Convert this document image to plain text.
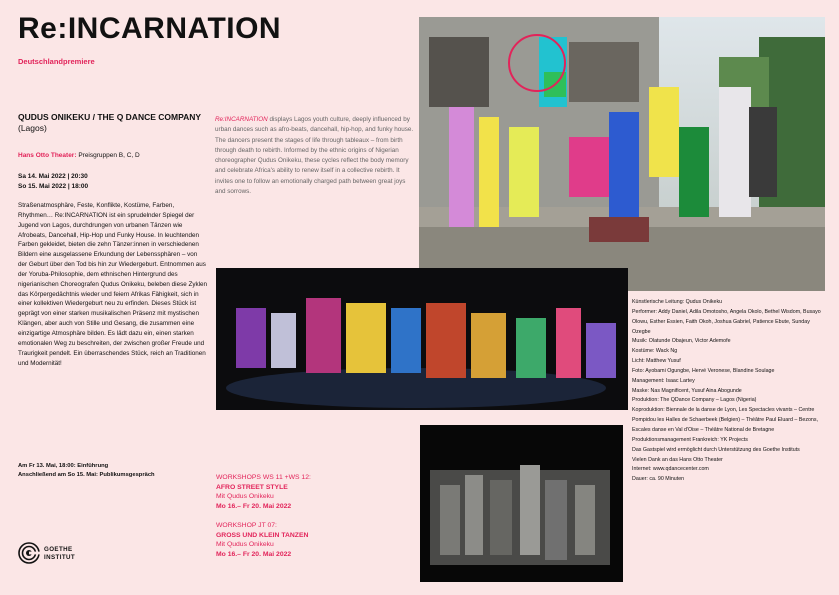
Re:INCARNATION
Deutschlandpremiere
QUDUS ONIKEKU / THE Q DANCE COMPANY (Lagos)
Hans Otto Theater: Preisgruppen B, C, D
Sa 14. Mai 2022 | 20:30
So 15. Mai 2022 | 18:00
Straßenatmosphäre, Feste, Konflikte, Kostüme, Farben, Rhythmen… Re:INCARNATION ist ein sprudelnder Spiegel der Jugend von Lagos, durchdrungen von urbanen Tänzen wie Afrobeats, Dancehall, Hip-Hop und Funky House. In leuchtenden Farben gekleidet, bieten die zehn Tänzer:innen in verschiedenen Bildern eine ausgelassene Erkundung der Lebenssphären – von der Geburt über den Tod bis hin zur Wiedergeburt. Entnommen aus der Yoruba-Philosophie, dem ethnischen Hintergrund des nigerianischen Choreografen Qudus Onikeku, beleben diese Zyklen das Körpergedächtnis wieder und feiern Afrikas Fähigkeit, sich in einer kollektiven Wiedergeburt neu zu erfinden. Dieses Stück ist geprägt von einer starken musikalischen Präsenz mit mystischen Klängen, aber auch von Stille und Gesang, die zusammen eine einzigartige Atmosphäre bilden. Es lädt dazu ein, einen starken emotionalen Weg zu beschreiten, der zwischen großer Freude und Traurigkeit pendelt. Ein überraschendes Stück, reich an Traditionen und Modernität!
Am Fr 13. Mai, 18:00: Einführung
Anschließend am So 15. Mai: Publikumsgespräch
Re:INCARNATION displays Lagos youth culture, deeply influenced by urban dances such as afro-beats, dancehall, hip-hop, and funky house. The dancers present the stages of life through tableaux – from birth through death to rebirth. Informed by the ethnic origins of Nigerian choreographer Qudus Onikeku, these cycles reflect the body memory and celebrate Africa's ability to renew itself in a collective rebirth. It invites one to follow an emotionally charged path between great joys and sorrows.
WORKSHOPS WS 11 +WS 12:
AFRO STREET STYLE
Mit Qudus Onikeku
Mo 16.– Fr 20. Mai 2022
WORKSHOP JT 07:
GROSS UND KLEIN TANZEN
Mit Qudus Onikeku
Mo 16.– Fr 20. Mai 2022
Künstlerische Leitung: Qudus Onikeku
Performer: Addy Daniel, Adila Omotosho, Angela Okolo, Bethel Wisdom, Busayo Olowu, Esther Essien, Faith Okoh, Joshua Gabriel, Patience Ebute, Sunday Ozegbe
Musik: Olatunde Obajeun, Victor Ademofe
Kostüme: Wack Ng
Licht: Matthew Yusuf
Foto: Ayobami Ogungbe, Hervé Veronese, Blandine Soulage
Management: Isaac Lartey
Maske: Nas Magnificent, Yusuf Aina Abogunde
Produktion: The QDance Company – Lagos (Nigeria)
Koproduktion: Biennale de la danse de Lyon, Les Spectacles vivants – Centre Pompidou les Halles de Schaerbeek (Belgien) – Théâtre Paul Eluard – Bezons, Escales danse en Val d'Oise – Théâtre National de Bretagne
Produktionsmanagement Frankreich: YK Projects
Das Gastspiel wird ermöglicht durch Unterstützung des Goethe Instituts
Vielen Dank an das Hans Otto Theater
Internet: www.qdancecenter.com
Dauer: ca. 90 Minuten
GOETHE
INSTITUT
